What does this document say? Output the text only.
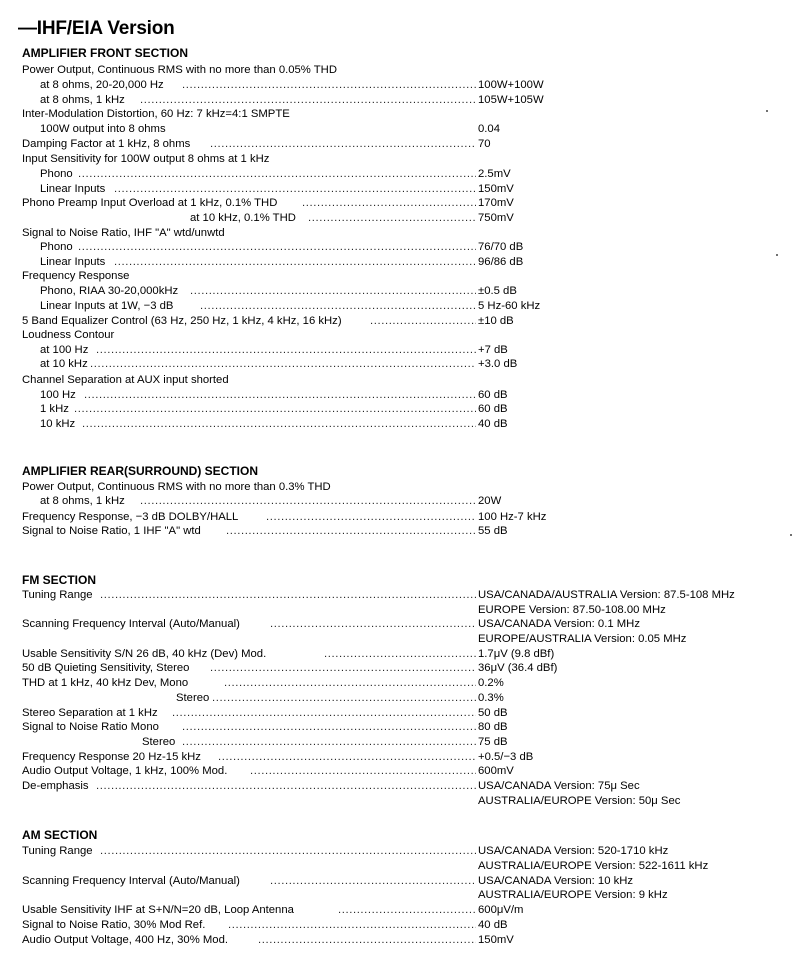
—IHF/EIA Version
AMPLIFIER FRONT SECTION
Power Output, Continuous RMS with no more than 0.05% THD
at 8 ohms, 20-20,000 Hz .....	100W+100W
at 8 ohms, 1 kHz .....	105W+105W
Inter-Modulation Distortion, 60 Hz: 7 kHz=4:1 SMPTE
100W output into 8 ohms	0.04
Damping Factor at 1 kHz, 8 ohms .....	70
Input Sensitivity for 100W output 8 ohms at 1 kHz
Phono .....	2.5mV
Linear Inputs .....	150mV
Phono Preamp Input Overload at 1 kHz, 0.1% THD .....	170mV
at 10 kHz, 0.1% THD .....	750mV
Signal to Noise Ratio, IHF "A" wtd/unwtd
Phono .....	76/70 dB
Linear Inputs .....	96/86 dB
Frequency Response
Phono, RIAA 30-20,000kHz .....	±0.5 dB
Linear Inputs at 1W, −3 dB .....	5 Hz-60 kHz
5 Band Equalizer Control (63 Hz, 250 Hz, 1 kHz, 4 kHz, 16 kHz) .....	±10 dB
Loudness Contour
at 100 Hz .....	+7 dB
at 10 kHz .....	+3.0 dB
Channel Separation at AUX input shorted
100 Hz .....	60 dB
1 kHz .....	60 dB
10 kHz .....	40 dB
AMPLIFIER REAR(SURROUND) SECTION
Power Output, Continuous RMS with no more than 0.3% THD
at 8 ohms, 1 kHz .....	20W
Frequency Response, −3 dB DOLBY/HALL .....	100 Hz-7 kHz
Signal to Noise Ratio, 1 IHF "A" wtd .....	55 dB
FM SECTION
Tuning Range .....	USA/CANADA/AUSTRALIA Version: 87.5-108 MHz
EUROPE Version: 87.50-108.00 MHz
Scanning Frequency Interval (Auto/Manual) .....	USA/CANADA Version: 0.1 MHz
EUROPE/AUSTRALIA Version: 0.05 MHz
Usable Sensitivity S/N 26 dB, 40 kHz (Dev) Mod. .....	1.7μV (9.8 dBf)
50 dB Quieting Sensitivity, Stereo .....	36μV (36.4 dBf)
THD at 1 kHz, 40 kHz Dev, Mono .....	0.2%
Stereo .....	0.3%
Stereo Separation at 1 kHz .....	50 dB
Signal to Noise Ratio Mono .....	80 dB
Stereo .....	75 dB
Frequency Response 20 Hz-15 kHz .....	+0.5/−3 dB
Audio Output Voltage, 1 kHz, 100% Mod. .....	600mV
De-emphasis .....	USA/CANADA Version: 75μ Sec
AUSTRALIA/EUROPE Version: 50μ Sec
AM SECTION
Tuning Range .....	USA/CANADA Version: 520-1710 kHz
AUSTRALIA/EUROPE Version: 522-1611 kHz
Scanning Frequency Interval (Auto/Manual) .....	USA/CANADA Version: 10 kHz
AUSTRALIA/EUROPE Version: 9 kHz
Usable Sensitivity IHF at S+N/N=20 dB, Loop Antenna .....	600μV/m
Signal to Noise Ratio, 30% Mod Ref. .....	40 dB
Audio Output Voltage, 400 Hz, 30% Mod. .....	150mV
